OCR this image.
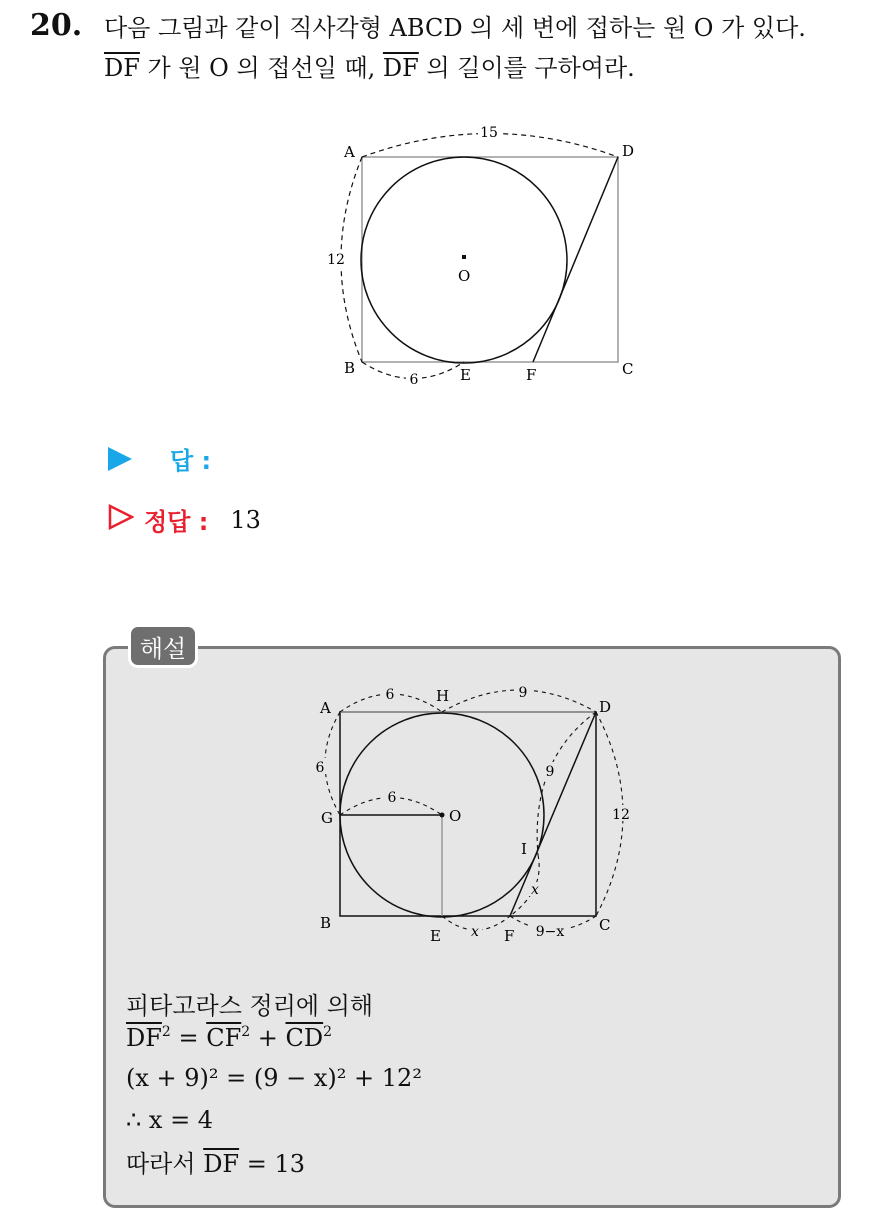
20. 다음 그림과 같이 직사각형 ABCD 의 세 변에 접하는 원 O 가 있다.
$\overline{DF}$ 가 원 O 의 접선일 때, $\overline{DF}$ 의 길이를 구하여라.
15
12
6
A	D
B	C
E	F
O
답 :
정답 : 13
해설
6	9
6
6
9
12
x
x	9−x
A
H
D
G	O
B
E	F
C
I
피타고라스 정리에 의해
$\overline{DF}^2 = \overline{CF}^2 + \overline{CD}^2$
(x + 9)² = (9 − x)² + 12²
∴ x = 4
따라서 $\overline{DF} = 13$
